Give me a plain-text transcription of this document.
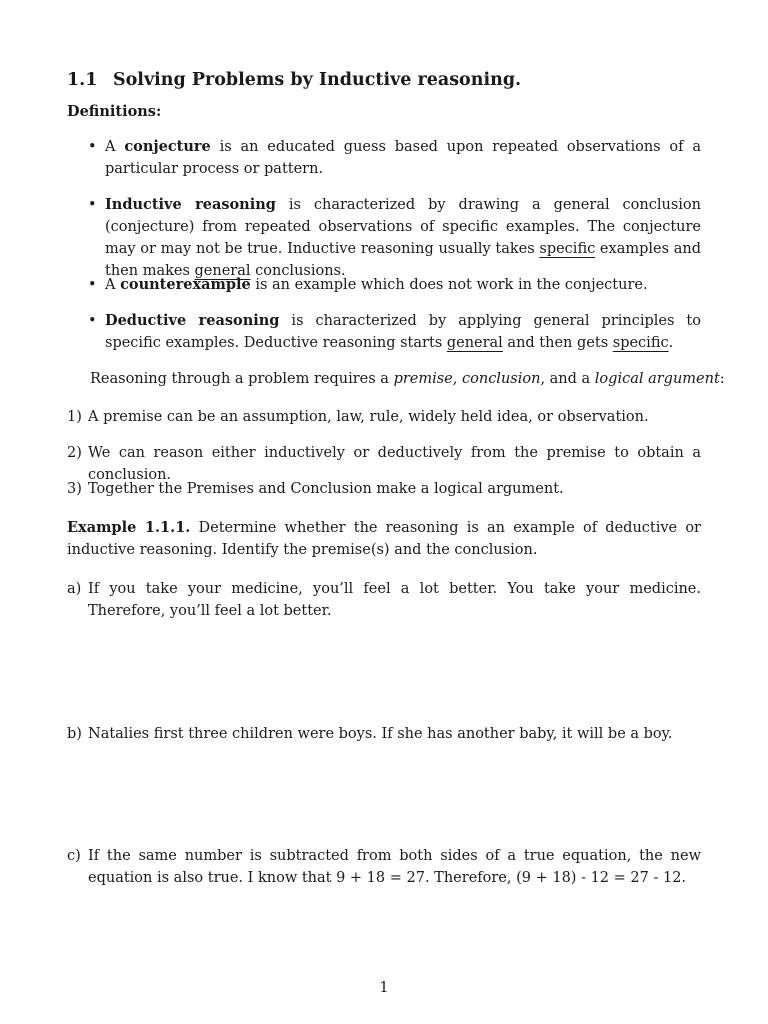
1.1 Solving Problems by Inductive reasoning.

Definitions:

• A conjecture is an educated guess based upon repeated observations of a particular process or pattern.
• Inductive reasoning is characterized by drawing a general conclusion (conjecture) from repeated observations of specific examples. The conjecture may or may not be true. Inductive reasoning usually takes specific examples and then makes general conclusions.
• A counterexample is an example which does not work in the conjecture.
• Deductive reasoning is characterized by applying general principles to specific examples. Deductive reasoning starts general and then gets specific.

Reasoning through a problem requires a premise, conclusion, and a logical argument:

1) A premise can be an assumption, law, rule, widely held idea, or observation.

2) We can reason either inductively or deductively from the premise to obtain a conclusion.

3) Together the Premises and Conclusion make a logical argument.

Example 1.1.1. Determine whether the reasoning is an example of deductive or inductive reasoning. Identify the premise(s) and the conclusion.

a) If you take your medicine, you’ll feel a lot better. You take your medicine. Therefore, you’ll feel a lot better.

b) Natalies first three children were boys. If she has another baby, it will be a boy.

c) If the same number is subtracted from both sides of a true equation, the new equation is also true. I know that 9 + 18 = 27. Therefore, (9 + 18) - 12 = 27 - 12.

1
